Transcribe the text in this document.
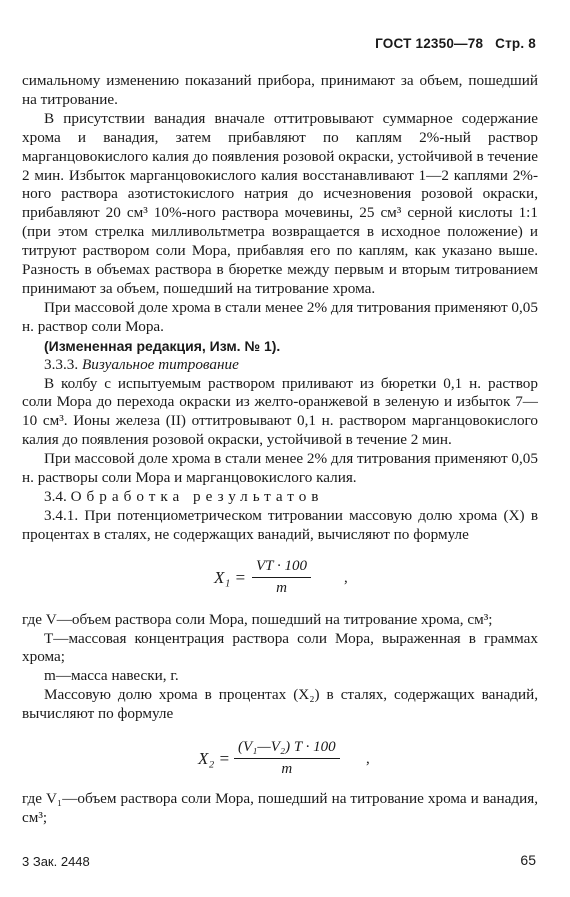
ГОСТ 12350—78 Стр. 8

симальному изменению показаний прибора, принимают за объем, пошедший на титрование.

В присутствии ванадия вначале оттитровывают суммарное содержание хрома и ванадия, затем прибавляют по каплям 2%-ный раствор марганцовокислого калия до появления розовой окраски, устойчивой в течение 2 мин. Избыток марганцовокислого калия восстанавливают 1—2 каплями 2%-ного раствора азотистокислого натрия до исчезновения розовой окраски, прибавляют 20 см³ 10%-ного раствора мочевины, 25 см³ серной кислоты 1:1 (при этом стрелка милливольтметра возвращается в исходное положение) и титруют раствором соли Мора, прибавляя его по каплям, как указано выше. Разность в объемах раствора в бюретке между первым и вторым титрованием принимают за объем, пошедший на титрование хрома.

При массовой доле хрома в стали менее 2% для титрования применяют 0,05 н. раствор соли Мора.

(Измененная редакция, Изм. № 1).

3.3.3. Визуальное титрование

В колбу с испытуемым раствором приливают из бюретки 0,1 н. раствор соли Мора до перехода окраски из желто-оранжевой в зеленую и избыток 7—10 см³. Ионы железа (II) оттитровывают 0,1 н. раствором марганцовокислого калия до появления розовой окраски, устойчивой в течение 2 мин.

При массовой доле хрома в стали менее 2% для титрования применяют 0,05 н. растворы соли Мора и марганцовокислого калия.

3.4. Обработка результатов

3.4.1. При потенциометрическом титровании массовую долю хрома (X) в процентах в сталях, не содержащих ванадий, вычисляют по формуле

$X_1 = \frac{VT \cdot 100}{m}$ ,

где V—объем раствора соли Мора, пошедший на титрование хрома, см³;

T—массовая концентрация раствора соли Мора, выраженная в граммах хрома;

m—масса навески, г.

Массовую долю хрома в процентах (X₂) в сталях, содержащих ванадий, вычисляют по формуле

$X_2 = \frac{\text{(V₁—V₂) T · 100}}{m}$ ,

где V₁—объем раствора соли Мора, пошедший на титрование хрома и ванадия, см³;

3 Зак. 2448	65
